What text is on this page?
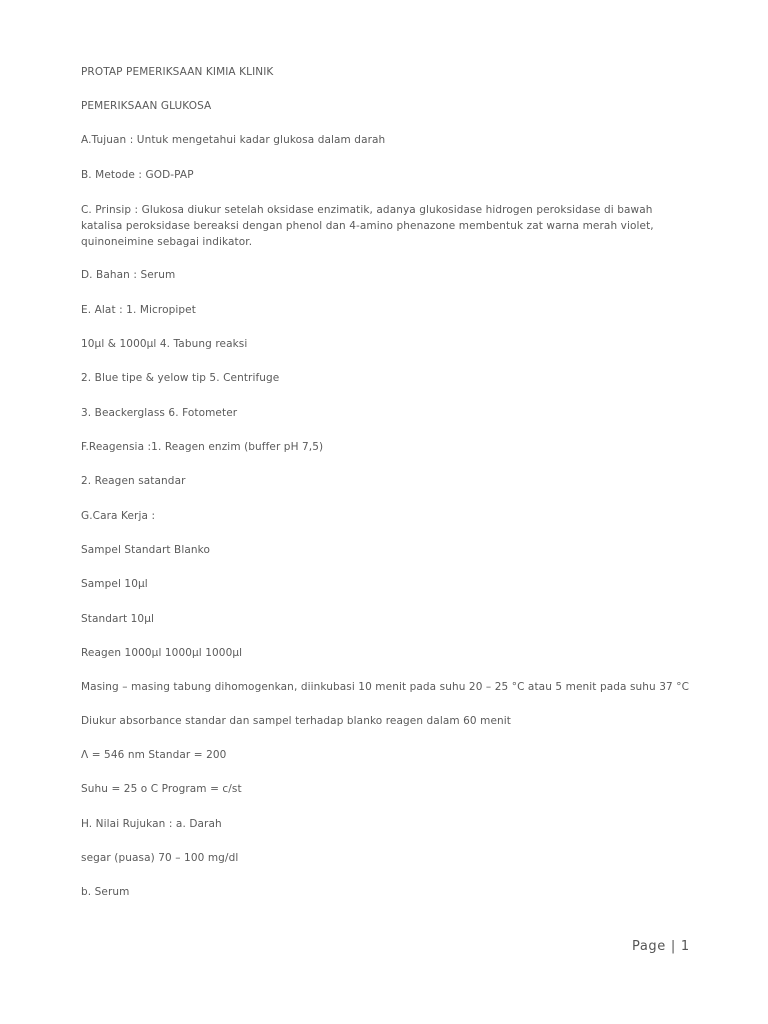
PROTAP PEMERIKSAAN KIMIA KLINIK
PEMERIKSAAN GLUKOSA
A.Tujuan : Untuk mengetahui kadar glukosa dalam darah
B. Metode : GOD-PAP
C. Prinsip : Glukosa diukur setelah oksidase enzimatik, adanya glukosidase hidrogen peroksidase di bawah katalisa peroksidase bereaksi dengan phenol dan 4-amino phenazone membentuk zat warna merah violet, quinoneimine sebagai indikator.
D. Bahan : Serum
E. Alat : 1. Micropipet
10µl & 1000µl 4. Tabung reaksi
2. Blue tipe & yelow tip 5. Centrifuge
3. Beackerglass 6. Fotometer
F.Reagensia :1. Reagen enzim (buffer pH 7,5)
2. Reagen satandar
G.Cara Kerja :
Sampel Standart Blanko
Sampel 10µl
Standart 10µl
Reagen 1000µl 1000µl 1000µl
Masing – masing tabung dihomogenkan, diinkubasi 10 menit pada suhu 20 – 25 °C atau 5 menit pada suhu 37 °C
Diukur absorbance standar dan sampel terhadap blanko reagen dalam 60 menit
Λ = 546 nm Standar = 200
Suhu = 25 o C Program = c/st
H. Nilai Rujukan : a. Darah
segar (puasa) 70 – 100 mg/dl
b. Serum
Page | 1
